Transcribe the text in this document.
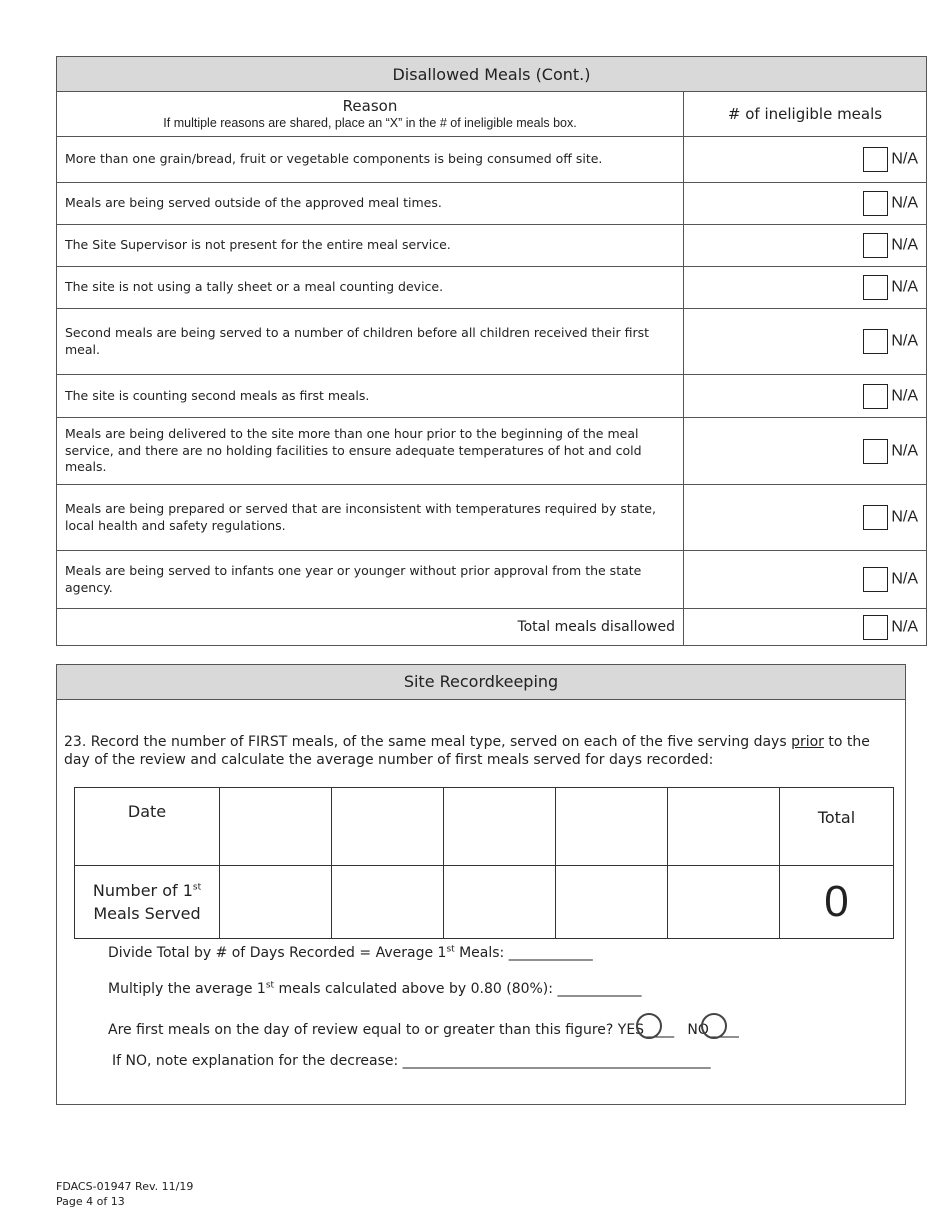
Disallowed Meals (Cont.)	

Reason
If multiple reasons are shared, place an “X” in the # of ineligible meals box.	# of ineligible meals
More than one grain/bread, fruit or vegetable components is being consumed off site.	N/A
Meals are being served outside of the approved meal times.	N/A
The Site Supervisor is not present for the entire meal service.	N/A
The site is not using a tally sheet or a meal counting device.	N/A
Second meals are being served to a number of children before all children received their first meal.	N/A
The site is counting second meals as first meals.	N/A
Meals are being delivered to the site more than one hour prior to the beginning of the meal service, and there are no holding facilities to ensure adequate temperatures of hot and cold meals.	N/A
Meals are being prepared or served that are inconsistent with temperatures required by state, local health and safety regulations.	N/A
Meals are being served to infants one year or younger without prior approval from the state agency.	N/A
Total meals disallowed	N/A
Site Recordkeeping
23. Record the number of FIRST meals, of the same meal type, served on each of the five serving days prior to the day of the review and calculate the average number of first meals served for days recorded:
Date						Total
Number of 1st
Meals Served						0
Divide Total by # of Days Recorded = Average 1st Meals: ____________
Multiply the average 1st meals calculated above by 0.80 (80%): ____________
Are first meals on the day of review equal to or greater than this figure? YES ____ NO ____
If NO, note explanation for the decrease: ____________________________________________
FDACS-01947 Rev. 11/19
Page 4 of 13
